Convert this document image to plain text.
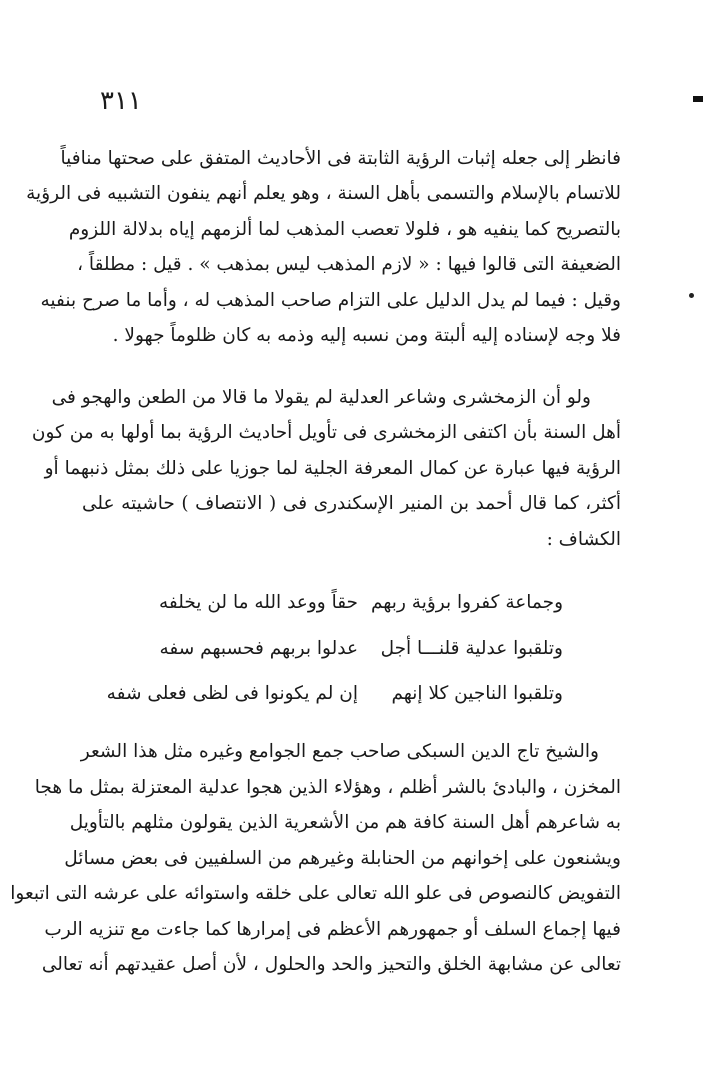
٣١١
فانظر إلى جعله إثبات الرؤية الثابتة فى الأحاديث المتفق على صحتها منافياً
للاتسام بالإسلام والتسمى بأهل السنة ، وهو يعلم أنهم ينفون التشبيه فى الرؤية
بالتصريح كما ينفيه هو ، فلولا تعصب المذهب لما ألزمهم إياه بدلالة اللزوم
الضعيفة التى قالوا فيها : « لازم المذهب ليس بمذهب » . قيل : مطلقاً ،
وقيل : فيما لم يدل الدليل على التزام صاحب المذهب له ، وأما ما صرح بنفيه
فلا وجه لإسناده إليه ألبتة ومن نسبه إليه وذمه به كان ظلوماً جهولا .
ولو أن الزمخشرى وشاعر العدلية لم يقولا ما قالا من الطعن والهجو فى
أهل السنة بأن اكتفى الزمخشرى فى تأويل أحاديث الرؤية بما أولها به من كون
الرؤية فيها عبارة عن كمال المعرفة الجلية لما جوزيا على ذلك بمثل ذنبهما أو
أكثر، كما قال أحمد بن المنير الإسكندرى فى ( الانتصاف ) حاشيته على
الكشاف :
وجماعة كفروا برؤية ربهم
حقاً ووعد الله ما لن يخلفه
وتلقبوا عدلية قلنـــا أجل
عدلوا بربهم فحسبهم سفه
وتلقبوا الناجين كلا إنهم
إن لم يكونوا فى لظى فعلى شفه
والشيخ تاج الدين السبكى صاحب جمع الجوامع وغيره مثل هذا الشعر
المخزن ، والبادئ بالشر أظلم ، وهؤلاء الذين هجوا عدلية المعتزلة بمثل ما هجا
به شاعرهم أهل السنة كافة هم من الأشعرية الذين يقولون مثلهم بالتأويل
ويشنعون على إخوانهم من الحنابلة وغيرهم من السلفيين فى بعض مسائل
التفويض كالنصوص فى علو الله تعالى على خلقه واستوائه على عرشه التى اتبعوا
فيها إجماع السلف أو جمهورهم الأعظم فى إمرارها كما جاءت مع تنزيه الرب
تعالى عن مشابهة الخلق والتحيز والحد والحلول ، لأن أصل عقيدتهم أنه تعالى
